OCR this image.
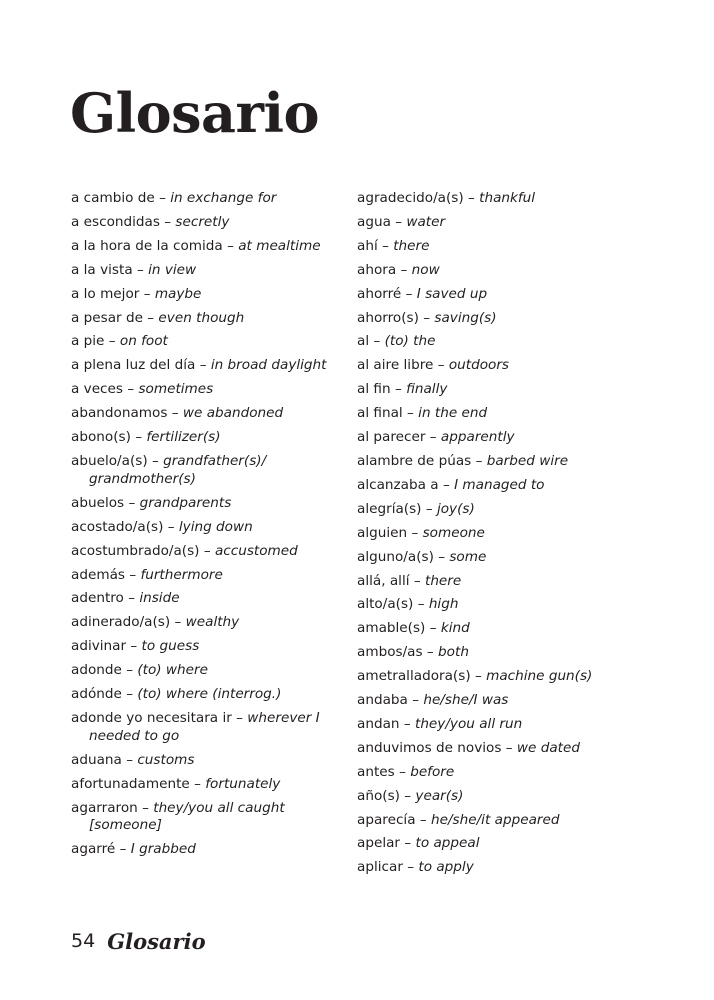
Glosario
a cambio de – in exchange for
a escondidas – secretly
a la hora de la comida – at mealtime
a la vista – in view
a lo mejor – maybe
a pesar de – even though
a pie – on foot
a plena luz del día – in broad daylight
a veces – sometimes
abandonamos – we abandoned
abono(s) – fertilizer(s)
abuelo/a(s) – grandfather(s)/ grandmother(s)
abuelos – grandparents
acostado/a(s) – lying down
acostumbrado/a(s) – accustomed
además – furthermore
adentro – inside
adinerado/a(s) – wealthy
adivinar – to guess
adonde – (to) where
adónde – (to) where (interrog.)
adonde yo necesitara ir – wherever I needed to go
aduana – customs
afortunadamente – fortunately
agarraron – they/you all caught [someone]
agarré – I grabbed
agradecido/a(s) – thankful
agua – water
ahí – there
ahora – now
ahorré – I saved up
ahorro(s) – saving(s)
al – (to) the
al aire libre – outdoors
al fin – finally
al final – in the end
al parecer – apparently
alambre de púas – barbed wire
alcanzaba a – I managed to
alegría(s) – joy(s)
alguien – someone
alguno/a(s) – some
allá, allí – there
alto/a(s) – high
amable(s) – kind
ambos/as – both
ametralladora(s) – machine gun(s)
andaba – he/she/I was
andan – they/you all run
anduvimos de novios – we dated
antes – before
año(s) – year(s)
aparecía – he/she/it appeared
apelar – to appeal
aplicar – to apply
54 Glosario
